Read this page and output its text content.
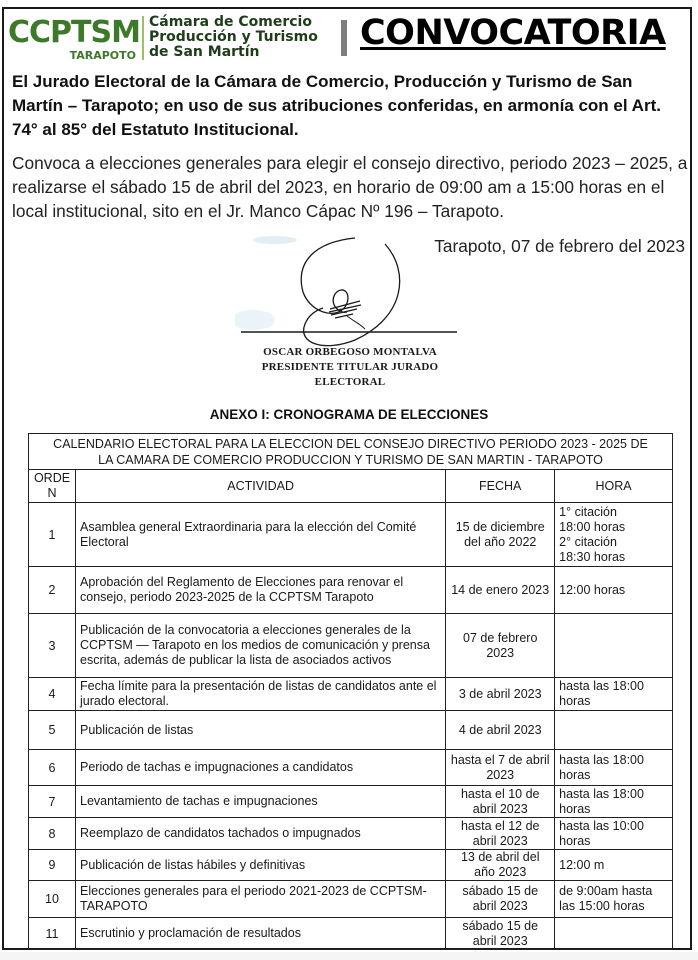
CCPTSM
TARAPOTO
Cámara de Comercio
Producción y Turismo
de San Martín	CONVOCATORIA
El Jurado Electoral de la Cámara de Comercio, Producción y Turismo de San Martín – Tarapoto; en uso de sus atribuciones conferidas, en armonía con el Art. 74° al 85° del Estatuto Institucional.
Convoca a elecciones generales para elegir el consejo directivo, periodo 2023 – 2025, a realizarse el sábado 15 de abril del 2023, en horario de 09:00 am a 15:00 horas en el local institucional, sito en el Jr. Manco Cápac Nº 196 – Tarapoto.
Tarapoto, 07 de febrero del 2023
OSCAR ORBEGOSO MONTALVA
PRESIDENTE TITULAR JURADO
ELECTORAL
ANEXO I: CRONOGRAMA DE ELECCIONES
CALENDARIO ELECTORAL PARA LA ELECCION DEL CONSEJO DIRECTIVO PERIODO 2023 - 2025 DE
LA CAMARA DE COMERCIO PRODUCCION Y TURISMO DE SAN MARTIN - TARAPOTO			

ORDEN	ACTIVIDAD	FECHA	HORA
1	Asamblea general Extraordinaria para la elección del Comité Electoral	15 de diciembre del año 2022	1° citación
18:00 horas
2° citación
18:30 horas

2	Aprobación del Reglamento de Elecciones para renovar el consejo, periodo 2023-2025 de la CCPTSM Tarapoto	14 de enero 2023	12:00 horas

3	Publicación de la convocatoria a elecciones generales de la CCPTSM — Tarapoto en los medios de comunicación y prensa escrita, además de publicar la lista de asociados activos	07 de febrero 2023	
4	Fecha límite para la presentación de listas de candidatos ante el jurado electoral.	3 de abril 2023	hasta las 18:00
horas

5	Publicación de listas	4 de abril 2023	
6	Periodo de tachas e impugnaciones a candidatos	hasta el 7 de abril 2023	hasta las 18:00
horas

7	Levantamiento de tachas e impugnaciones	hasta el 10 de abril 2023	hasta las 18:00
horas

8	Reemplazo de candidatos tachados o impugnados	hasta el 12 de abril 2023	hasta las 10:00
horas

9	Publicación de listas hábiles y definitivas	13 de abril del año 2023	12:00 m

10	Elecciones generales para el periodo 2021-2023 de CCPTSM-TARAPOTO	sábado 15 de abril 2023	de 9:00am hasta
las 15:00 horas

11	Escrutinio y proclamación de resultados	sábado 15 de abril 2023	
